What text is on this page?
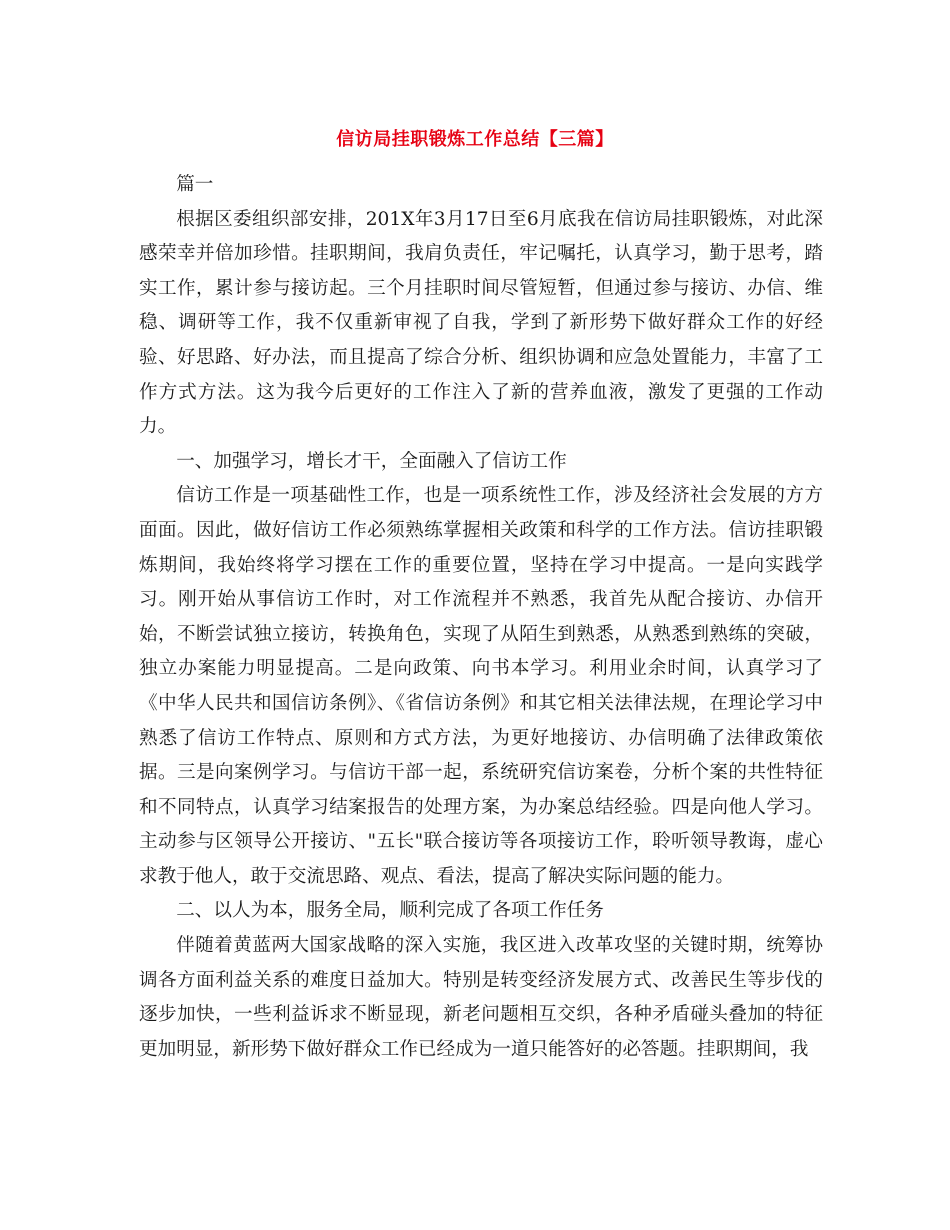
信访局挂职锻炼工作总结【三篇】

篇一

根据区委组织部安排，201X年3月17日至6月底我在信访局挂职锻炼，对此深感荣幸并倍加珍惜。挂职期间，我肩负责任，牢记嘱托，认真学习，勤于思考，踏实工作，累计参与接访起。三个月挂职时间尽管短暂，但通过参与接访、办信、维稳、调研等工作，我不仅重新审视了自我，学到了新形势下做好群众工作的好经验、好思路、好办法，而且提高了综合分析、组织协调和应急处置能力，丰富了工作方式方法。这为我今后更好的工作注入了新的营养血液，激发了更强的工作动力。

一、加强学习，增长才干，全面融入了信访工作

信访工作是一项基础性工作，也是一项系统性工作，涉及经济社会发展的方方面面。因此，做好信访工作必须熟练掌握相关政策和科学的工作方法。信访挂职锻炼期间，我始终将学习摆在工作的重要位置，坚持在学习中提高。一是向实践学习。刚开始从事信访工作时，对工作流程并不熟悉，我首先从配合接访、办信开始，不断尝试独立接访，转换角色，实现了从陌生到熟悉，从熟悉到熟练的突破，独立办案能力明显提高。二是向政策、向书本学习。利用业余时间，认真学习了《中华人民共和国信访条例》、《省信访条例》和其它相关法律法规，在理论学习中熟悉了信访工作特点、原则和方式方法，为更好地接访、办信明确了法律政策依据。三是向案例学习。与信访干部一起，系统研究信访案卷，分析个案的共性特征和不同特点，认真学习结案报告的处理方案，为办案总结经验。四是向他人学习。主动参与区领导公开接访、"五长"联合接访等各项接访工作，聆听领导教诲，虚心求教于他人，敢于交流思路、观点、看法，提高了解决实际问题的能力。

二、以人为本，服务全局，顺利完成了各项工作任务

伴随着黄蓝两大国家战略的深入实施，我区进入改革攻坚的关键时期，统筹协调各方面利益关系的难度日益加大。特别是转变经济发展方式、改善民生等步伐的逐步加快，一些利益诉求不断显现，新老问题相互交织，各种矛盾碰头叠加的特征更加明显，新形势下做好群众工作已经成为一道只能答好的必答题。挂职期间，我
